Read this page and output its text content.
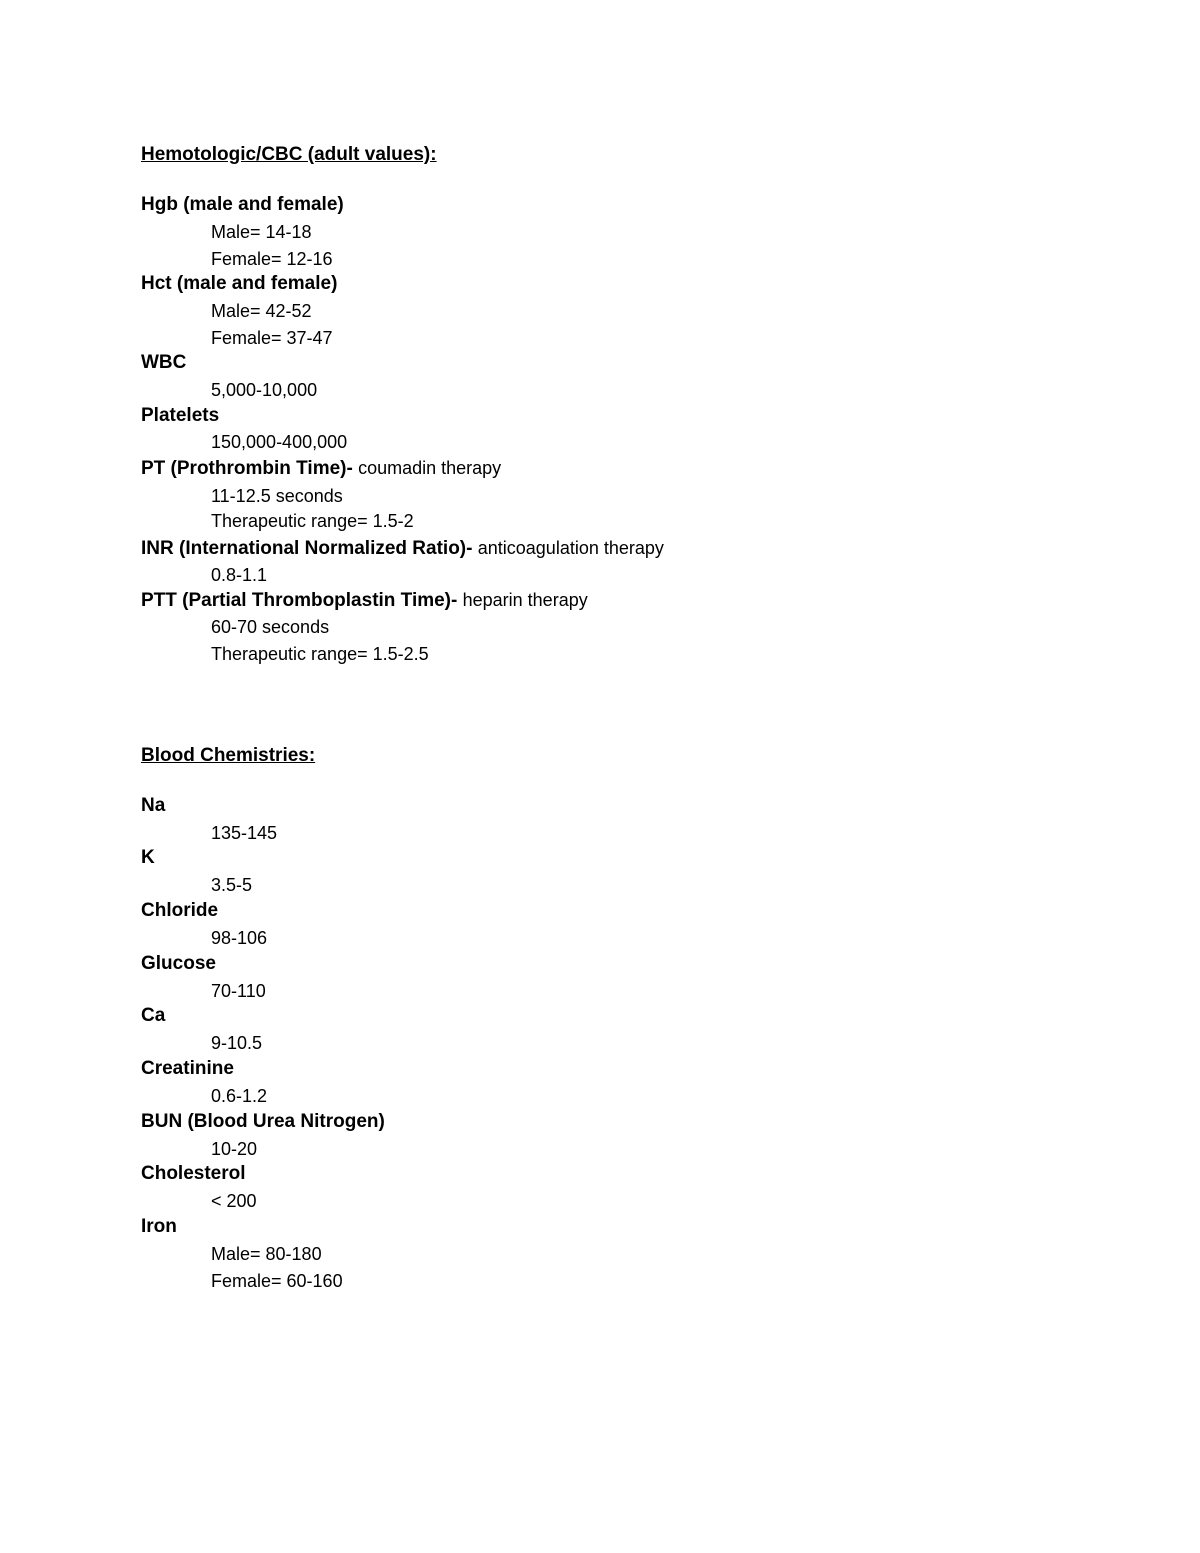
Hemotologic/CBC (adult values):
Hgb (male and female)
Male= 14-18
Female= 12-16
Hct (male and female)
Male= 42-52
Female= 37-47
WBC
5,000-10,000
Platelets
150,000-400,000
PT (Prothrombin Time)- coumadin therapy
11-12.5 seconds
Therapeutic range= 1.5-2
INR (International Normalized Ratio)- anticoagulation therapy
0.8-1.1
PTT (Partial Thromboplastin Time)- heparin therapy
60-70 seconds
Therapeutic range= 1.5-2.5
Blood Chemistries:
Na
135-145
K
3.5-5
Chloride
98-106
Glucose
70-110
Ca
9-10.5
Creatinine
0.6-1.2
BUN (Blood Urea Nitrogen)
10-20
Cholesterol
< 200
Iron
Male= 80-180
Female= 60-160
